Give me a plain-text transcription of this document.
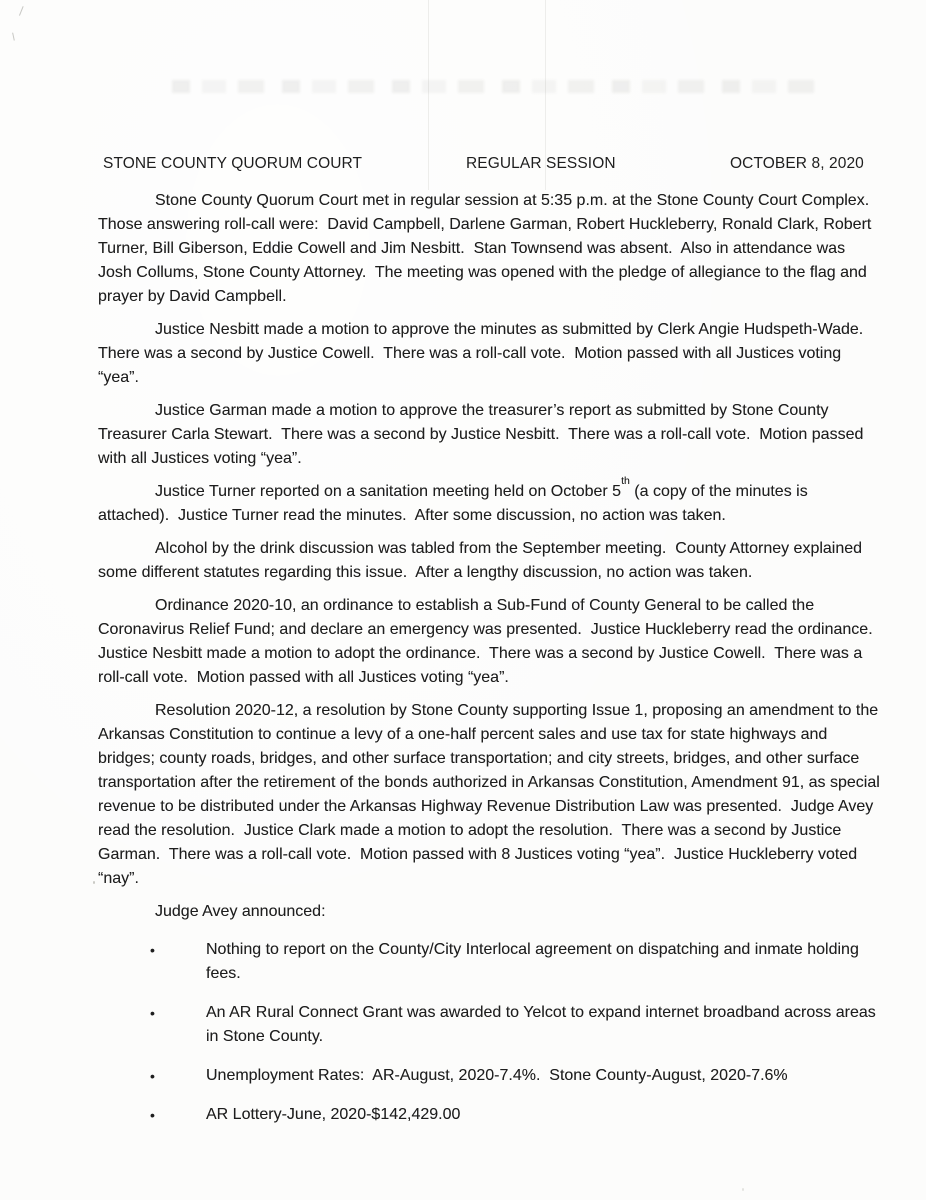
STONE COUNTY QUORUM COURT	REGULAR SESSION	OCTOBER 8, 2020

Stone County Quorum Court met in regular session at 5:35 p.m. at the Stone County Court Complex.  Those answering roll-call were:  David Campbell, Darlene Garman, Robert Huckleberry, Ronald Clark, Robert Turner, Bill Giberson, Eddie Cowell and Jim Nesbitt.  Stan Townsend was absent.  Also in attendance was Josh Collums, Stone County Attorney.  The meeting was opened with the pledge of allegiance to the flag and prayer by David Campbell.

Justice Nesbitt made a motion to approve the minutes as submitted by Clerk Angie Hudspeth-Wade.  There was a second by Justice Cowell.  There was a roll-call vote.  Motion passed with all Justices voting “yea”.

Justice Garman made a motion to approve the treasurer’s report as submitted by Stone County Treasurer Carla Stewart.  There was a second by Justice Nesbitt.  There was a roll-call vote.  Motion passed with all Justices voting “yea”.

Justice Turner reported on a sanitation meeting held on October 5th (a copy of the minutes is attached).  Justice Turner read the minutes.  After some discussion, no action was taken.

Alcohol by the drink discussion was tabled from the September meeting.  County Attorney explained some different statutes regarding this issue.  After a lengthy discussion, no action was taken.

Ordinance 2020-10, an ordinance to establish a Sub-Fund of County General to be called the Coronavirus Relief Fund; and declare an emergency was presented.  Justice Huckleberry read the ordinance.  Justice Nesbitt made a motion to adopt the ordinance.  There was a second by Justice Cowell.  There was a roll-call vote.  Motion passed with all Justices voting “yea”.

Resolution 2020-12, a resolution by Stone County supporting Issue 1, proposing an amendment to the Arkansas Constitution to continue a levy of a one-half percent sales and use tax for state highways and bridges; county roads, bridges, and other surface transportation; and city streets, bridges, and other surface transportation after the retirement of the bonds authorized in Arkansas Constitution, Amendment 91, as special revenue to be distributed under the Arkansas Highway Revenue Distribution Law was presented.  Judge Avey read the resolution.  Justice Clark made a motion to adopt the resolution.  There was a second by Justice Garman.  There was a roll-call vote.  Motion passed with 8 Justices voting “yea”.  Justice Huckleberry voted “nay”.

Judge Avey announced:

•	Nothing to report on the County/City Interlocal agreement on dispatching and inmate holding fees.
•	An AR Rural Connect Grant was awarded to Yelcot to expand internet broadband across areas in Stone County.
•	Unemployment Rates:  AR-August, 2020-7.4%.  Stone County-August, 2020-7.6%
•	AR Lottery-June, 2020-$142,429.00
